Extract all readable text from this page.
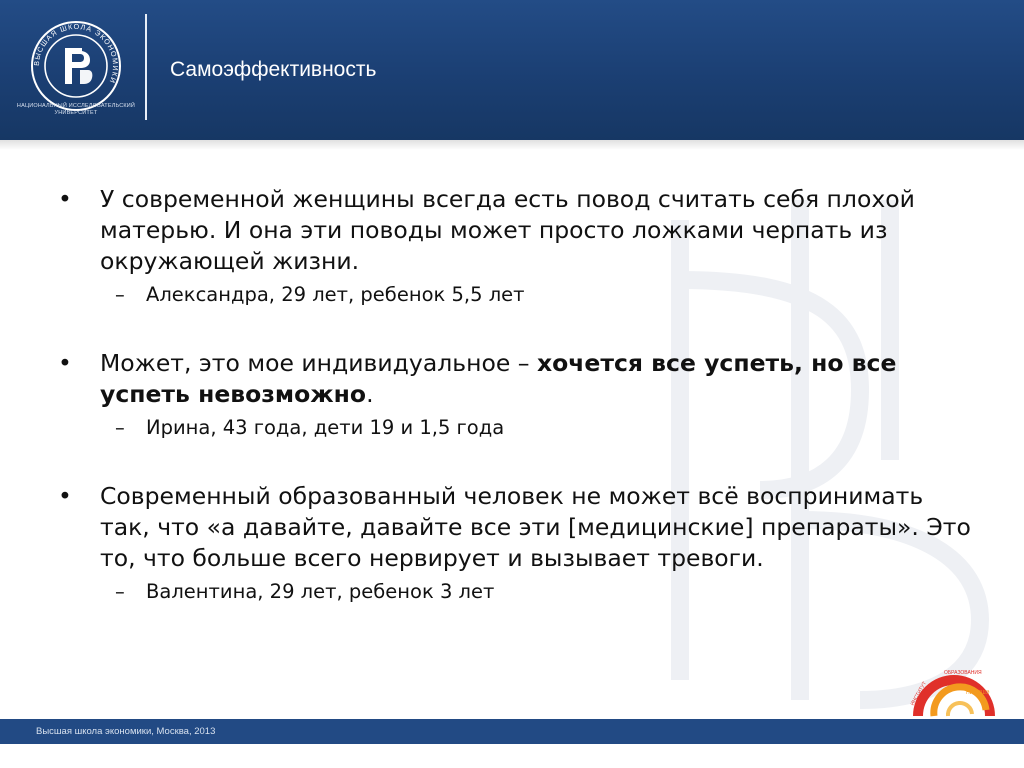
ВЫСШАЯ ШКОЛА ЭКОНОМИКИ
НАЦИОНАЛЬНЫЙ ИССЛЕДОВАТЕЛЬСКИЙ УНИВЕРСИТЕТ
Самоэффективность
• У современной женщины всегда есть повод считать себя плохой матерью. И она эти поводы может просто ложками черпать из окружающей жизни.
– Александра, 29 лет, ребенок 5,5 лет
• Может, это мое индивидуальное – хочется все успеть, но все успеть невозможно.
– Ирина, 43 года, дети 19 и 1,5 года
• Современный образованный человек не может всё воспринимать так, что «а давайте, давайте все эти [медицинские] препараты». Это то, что больше всего нервирует и вызывает тревоги.
– Валентина, 29 лет, ребенок 3 лет
ИНСТИТУТ
ОБРАЗОВАНИЯ
НИУ ВШЭ
Высшая школа экономики, Москва, 2013
